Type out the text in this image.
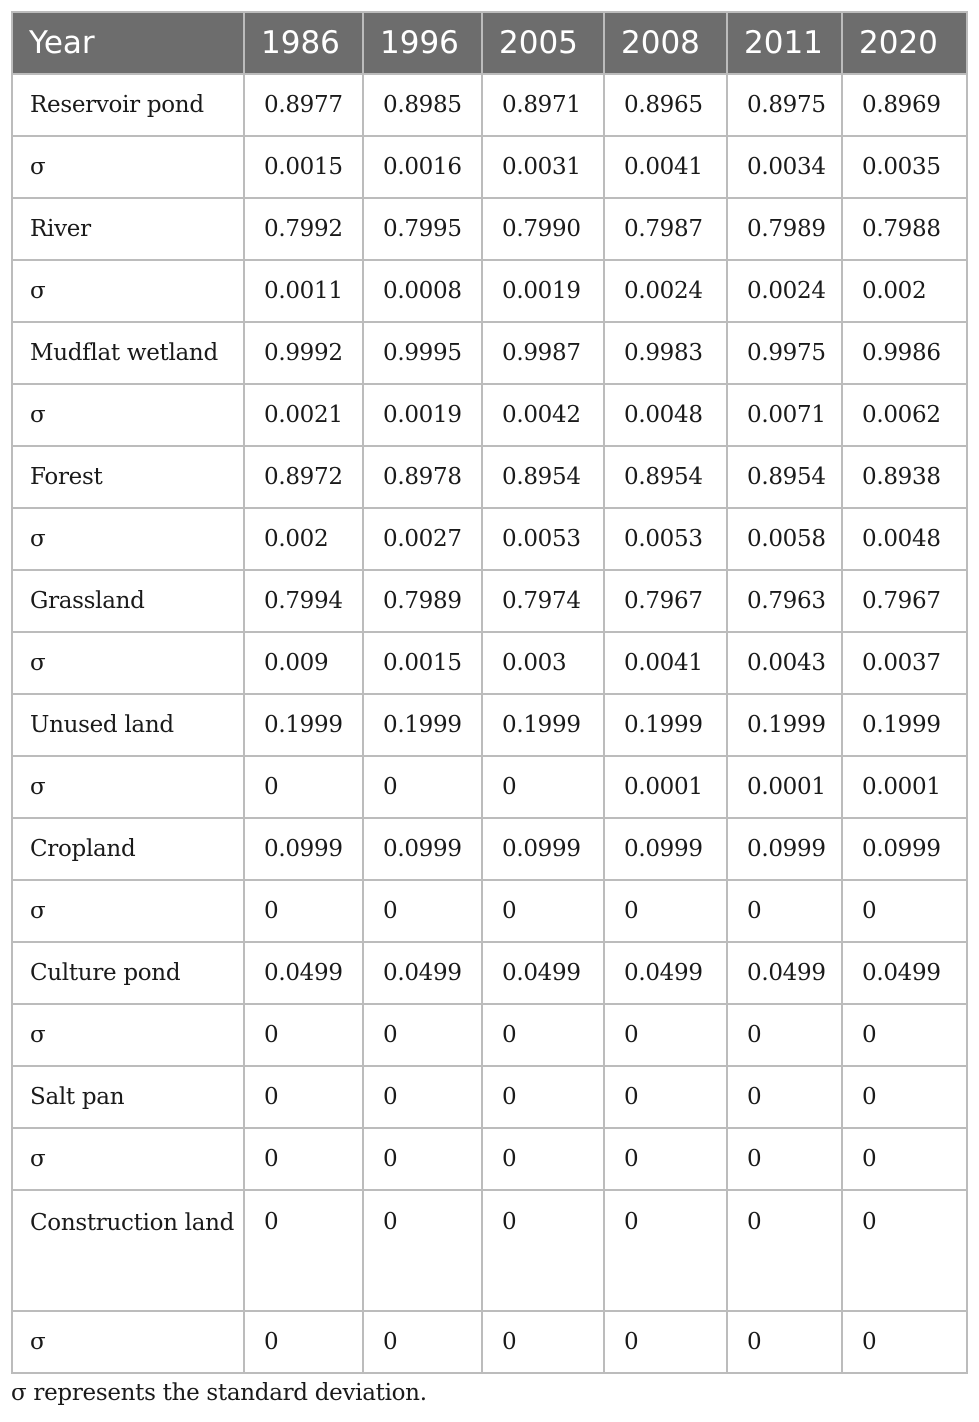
Year	1986	1996	2005	2008	2011	2020
Reservoir pond	0.8977	0.8985	0.8971	0.8965	0.8975	0.8969
σ	0.0015	0.0016	0.0031	0.0041	0.0034	0.0035
River	0.7992	0.7995	0.7990	0.7987	0.7989	0.7988
σ	0.0011	0.0008	0.0019	0.0024	0.0024	0.002
Mudflat wetland	0.9992	0.9995	0.9987	0.9983	0.9975	0.9986
σ	0.0021	0.0019	0.0042	0.0048	0.0071	0.0062
Forest	0.8972	0.8978	0.8954	0.8954	0.8954	0.8938
σ	0.002	0.0027	0.0053	0.0053	0.0058	0.0048
Grassland	0.7994	0.7989	0.7974	0.7967	0.7963	0.7967
σ	0.009	0.0015	0.003	0.0041	0.0043	0.0037
Unused land	0.1999	0.1999	0.1999	0.1999	0.1999	0.1999
σ	0	0	0	0.0001	0.0001	0.0001
Cropland	0.0999	0.0999	0.0999	0.0999	0.0999	0.0999
σ	0	0	0	0	0	0
Culture pond	0.0499	0.0499	0.0499	0.0499	0.0499	0.0499
σ	0	0	0	0	0	0
Salt pan	0	0	0	0	0	0
σ	0	0	0	0	0	0
Construction land	0	0	0	0	0	0
σ	0	0	0	0	0	0

σ represents the standard deviation.
